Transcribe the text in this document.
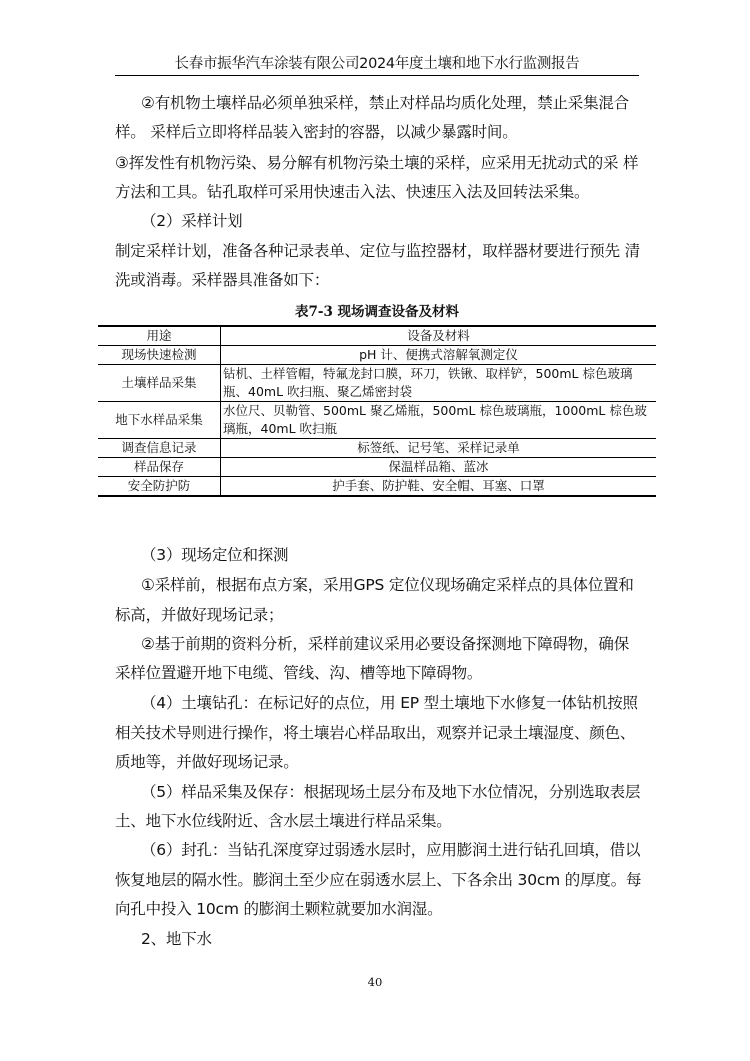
长春市振华汽车涂装有限公司2024年度土壤和地下水行监测报告
②有机物土壤样品必须单独采样，禁止对样品均质化处理，禁止采集混合
样。 采样后立即将样品装入密封的容器，以减少暴露时间。
③挥发性有机物污染、易分解有机物污染土壤的采样，应采用无扰动式的采 样
方法和工具。钻孔取样可采用快速击入法、快速压入法及回转法采集。
（2）采样计划
制定采样计划，准备各种记录表单、定位与监控器材，取样器材要进行预先 清
洗或消毒。采样器具准备如下：
表7-3 现场调查设备及材料
用途	设备及材料
现场快速检测	pH 计、便携式溶解氧测定仪
土壤样品采集	钻机、土样管帽，特氟龙封口膜，环刀，铁锹、取样铲，500mL 棕色玻璃瓶、40mL 吹扫瓶、聚乙烯密封袋
地下水样品采集	水位尺、贝勒管、500mL 聚乙烯瓶，500mL 棕色玻璃瓶，1000mL 棕色玻璃瓶，40mL 吹扫瓶
调查信息记录	标签纸、记号笔、采样记录单
样品保存	保温样品箱、蓝冰
安全防护防	护手套、防护鞋、安全帽、耳塞、口罩
（3）现场定位和探测
①采样前，根据布点方案，采用GPS 定位仪现场确定采样点的具体位置和
标高，并做好现场记录；
②基于前期的资料分析，采样前建议采用必要设备探测地下障碍物，确保
采样位置避开地下电缆、管线、沟、槽等地下障碍物。
（4）土壤钻孔：在标记好的点位，用 EP 型土壤地下水修复一体钻机按照
相关技术导则进行操作，将土壤岩心样品取出，观察并记录土壤湿度、颜色、
质地等，并做好现场记录。
（5）样品采集及保存：根据现场土层分布及地下水位情况，分别选取表层
土、地下水位线附近、含水层土壤进行样品采集。
（6）封孔：当钻孔深度穿过弱透水层时，应用膨润土进行钻孔回填，借以
恢复地层的隔水性。膨润土至少应在弱透水层上、下各余出 30cm 的厚度。每
向孔中投入 10cm 的膨润土颗粒就要加水润湿。
2、地下水
40
